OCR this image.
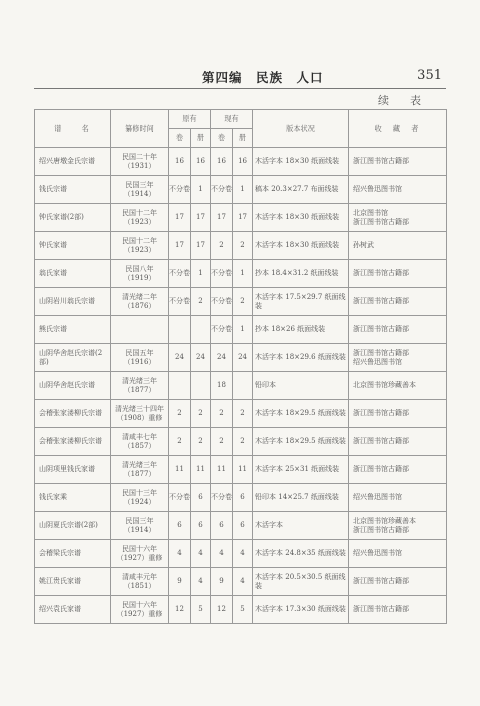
第四编　民族　人口	351
续　表
谱　　名	纂修时间	原有		现有		版本状况	收　藏　者
		卷	册	卷	册		
绍兴唐墩金氏宗谱	民国二十年（1931）	16	16	16	16	木活字本 18×30 纸面线装	浙江图书馆古籍部
钱氏宗谱	民国三年（1914）	不分卷	1	不分卷	1	稿本 20.3×27.7 布面线装	绍兴鲁迅图书馆
钟氏家谱(2部)	民国十二年（1923）	17	17	17	17	木活字本 18×30 纸面线装	北京图书馆
浙江图书馆古籍部
钟氏家谱	民国十二年（1923）	17	17	2	2	木活字本 18×30 纸面线装	孙树武
翁氏家谱	民国八年（1919）	不分卷	1	不分卷	1	抄本 18.4×31.2 纸面线装	浙江图书馆古籍部
山阴岩川翁氏宗谱	清光绪二年（1876）	不分卷	2	不分卷	2	木活字本 17.5×29.7 纸面线装	浙江图书馆古籍部
熊氏宗谱				不分卷	1	抄本 18×26 纸面线装	浙江图书馆古籍部
山阴华舍赵氏宗谱(2部)	民国五年（1916）	24	24	24	24	木活字本 18×29.6 纸面线装	浙江图书馆古籍部
绍兴鲁迅图书馆
山阴华舍赵氏宗谱	清光绪三年（1877）			18		铅印本	北京图书馆珍藏善本
会稽张家溇柳氏宗谱	清光绪三十四年（1908）重修	2	2	2	2	木活字本 18×29.5 纸面线装	浙江图书馆古籍部
会稽张家溇柳氏宗谱	清咸丰七年（1857）	2	2	2	2	木活字本 18×29.5 纸面线装	浙江图书馆古籍部
山阴项里钱氏家谱	清光绪三年（1877）	11	11	11	11	木活字本 25×31 纸面线装	浙江图书馆古籍部
钱氏家乘	民国十三年（1924）	不分卷	6	不分卷	6	铅印本 14×25.7 纸面线装	绍兴鲁迅图书馆
山阴夏氏宗谱(2部)	民国三年（1914）	6	6	6	6	木活字本	北京图书馆珍藏善本
浙江图书馆古籍部
会稽梁氏宗谱	民国十六年（1927）重修	4	4	4	4	木活字本 24.8×35 纸面线装	绍兴鲁迅图书馆
姚江贵氏家谱	清咸丰元年（1851）	9	4	9	4	木活字本 20.5×30.5 纸面线装	浙江图书馆古籍部
绍兴袁氏家谱	民国十六年（1927）重修	12	5	12	5	木活字本 17.3×30 纸面线装	浙江图书馆古籍部
